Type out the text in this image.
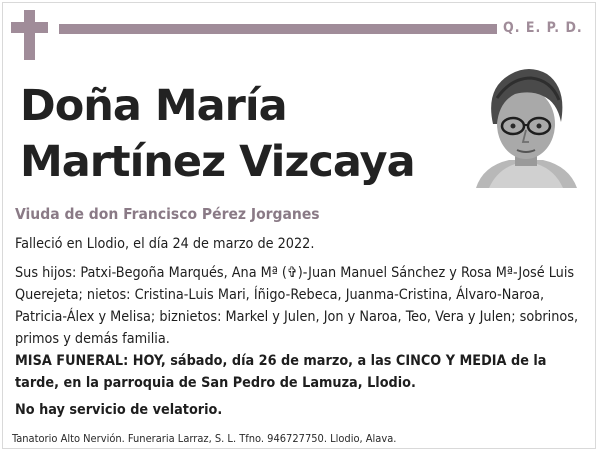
Q. E. P. D.
Doña María Martínez Vizcaya
Viuda de don Francisco Pérez Jorganes

Falleció en Llodio, el día 24 de marzo de 2022.

Sus hijos: Patxi-Begoña Marqués, Ana Mª (✞)-Juan Manuel Sánchez y Rosa Mª-José Luis Querejeta; nietos: Cristina-Luis Mari, Íñigo-Rebeca, Juanma-Cristina, Álvaro-Naroa, Patricia-Álex y Melisa; biznietos: Markel y Julen, Jon y Naroa, Teo, Vera y Julen; sobrinos, primos y demás familia.

MISA FUNERAL: HOY, sábado, día 26 de marzo, a las CINCO Y MEDIA de la tarde, en la parroquia de San Pedro de Lamuza, Llodio.

No hay servicio de velatorio.

Tanatorio Alto Nervión. Funeraria Larraz, S. L. Tfno. 946727750. Llodio, Alava.
